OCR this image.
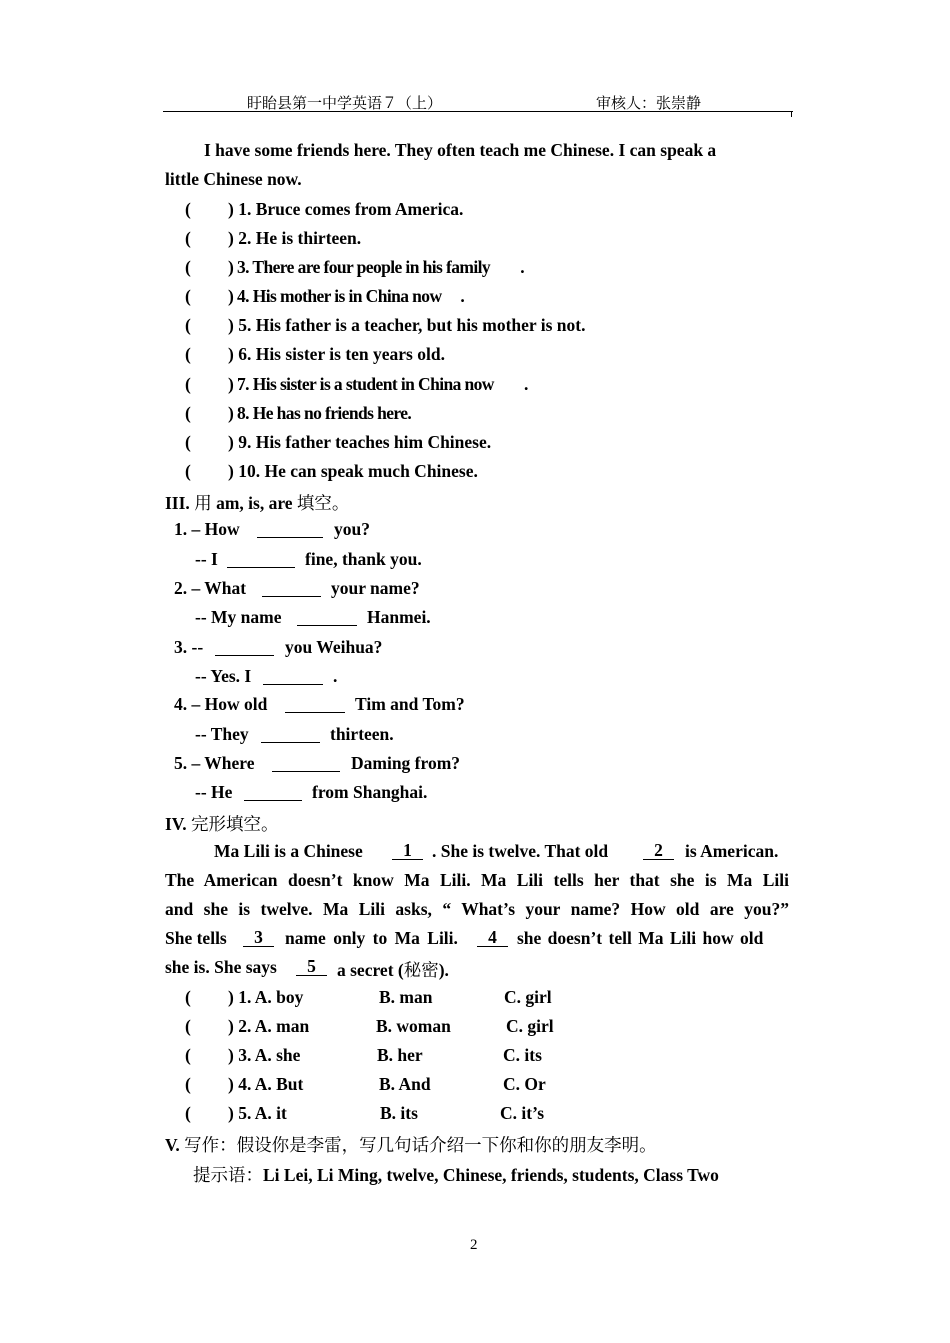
盱眙县第一中学英语７（上）	审核人：张崇静
I have some friends here. They often teach me Chinese. I can speak a
little Chinese now.
( ) 1. Bruce comes from America.
( ) 2. He is thirteen.
( ) 3. There are four people in his family        .
( ) 4. His mother is in China now     .
( ) 5. His father is a teacher, but his mother is not.
( ) 6. His sister is ten years old.
( ) 7. His sister is a student in China now        .
( ) 8. He has no friends here.
( ) 9. His father teaches him Chinese.
( ) 10. He can speak much Chinese.
III. 用 am, is, are 填空。
1. – How	you?
-- I	fine, thank you.
2. – What	your name?
-- My name	Hanmei.
3. --	you Weihua?
-- Yes. I	.
4. – How old	Tim and Tom?
-- They	thirteen.
5. – Where	Daming from?
-- He	from Shanghai.
IV. 完形填空。
Ma Lili is a Chinese	1	. She is twelve. That old	2	is American.
The American doesn’t know Ma Lili. Ma Lili tells her that she is Ma Lili
and she is twelve. Ma Lili asks, “ What’s your name? How old are you?”
She tells	3	name only to Ma Lili.	4	she doesn’t tell Ma Lili how old
she is. She says	5	a secret (秘密).
( ) 1. A. boy	B. man	C. girl
( ) 2. A. man	B. woman	C. girl
( ) 3. A. she	B. her	C. its
( ) 4. A. But	B. And	C. Or
( ) 5. A. it	B. its	C. it’s
V. 写作：假设你是李雷，写几句话介绍一下你和你的朋友李明。
提示语：Li Lei, Li Ming, twelve, Chinese, friends, students, Class Two
2
